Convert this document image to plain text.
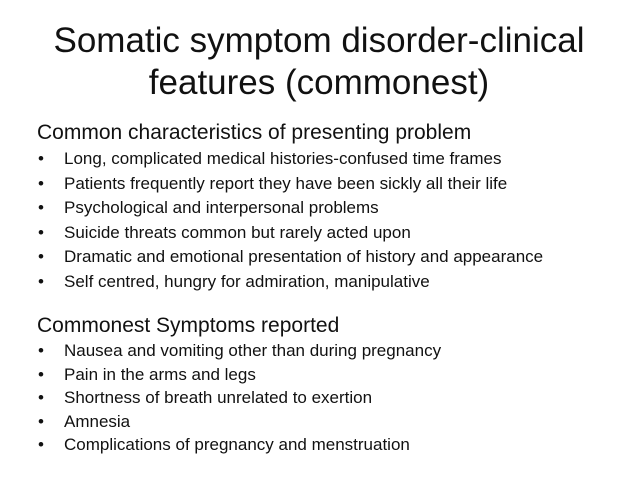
Somatic symptom disorder-clinical features (commonest)
Common characteristics of presenting problem
• Long, complicated medical histories-confused time frames
• Patients frequently report they have been sickly all their life
• Psychological and interpersonal problems
• Suicide threats common but rarely acted upon
• Dramatic and emotional presentation of history and appearance
• Self centred, hungry for admiration, manipulative
Commonest Symptoms reported
• Nausea and vomiting other than during pregnancy
• Pain in the arms and legs
• Shortness of breath unrelated to exertion
• Amnesia
• Complications of pregnancy and menstruation
